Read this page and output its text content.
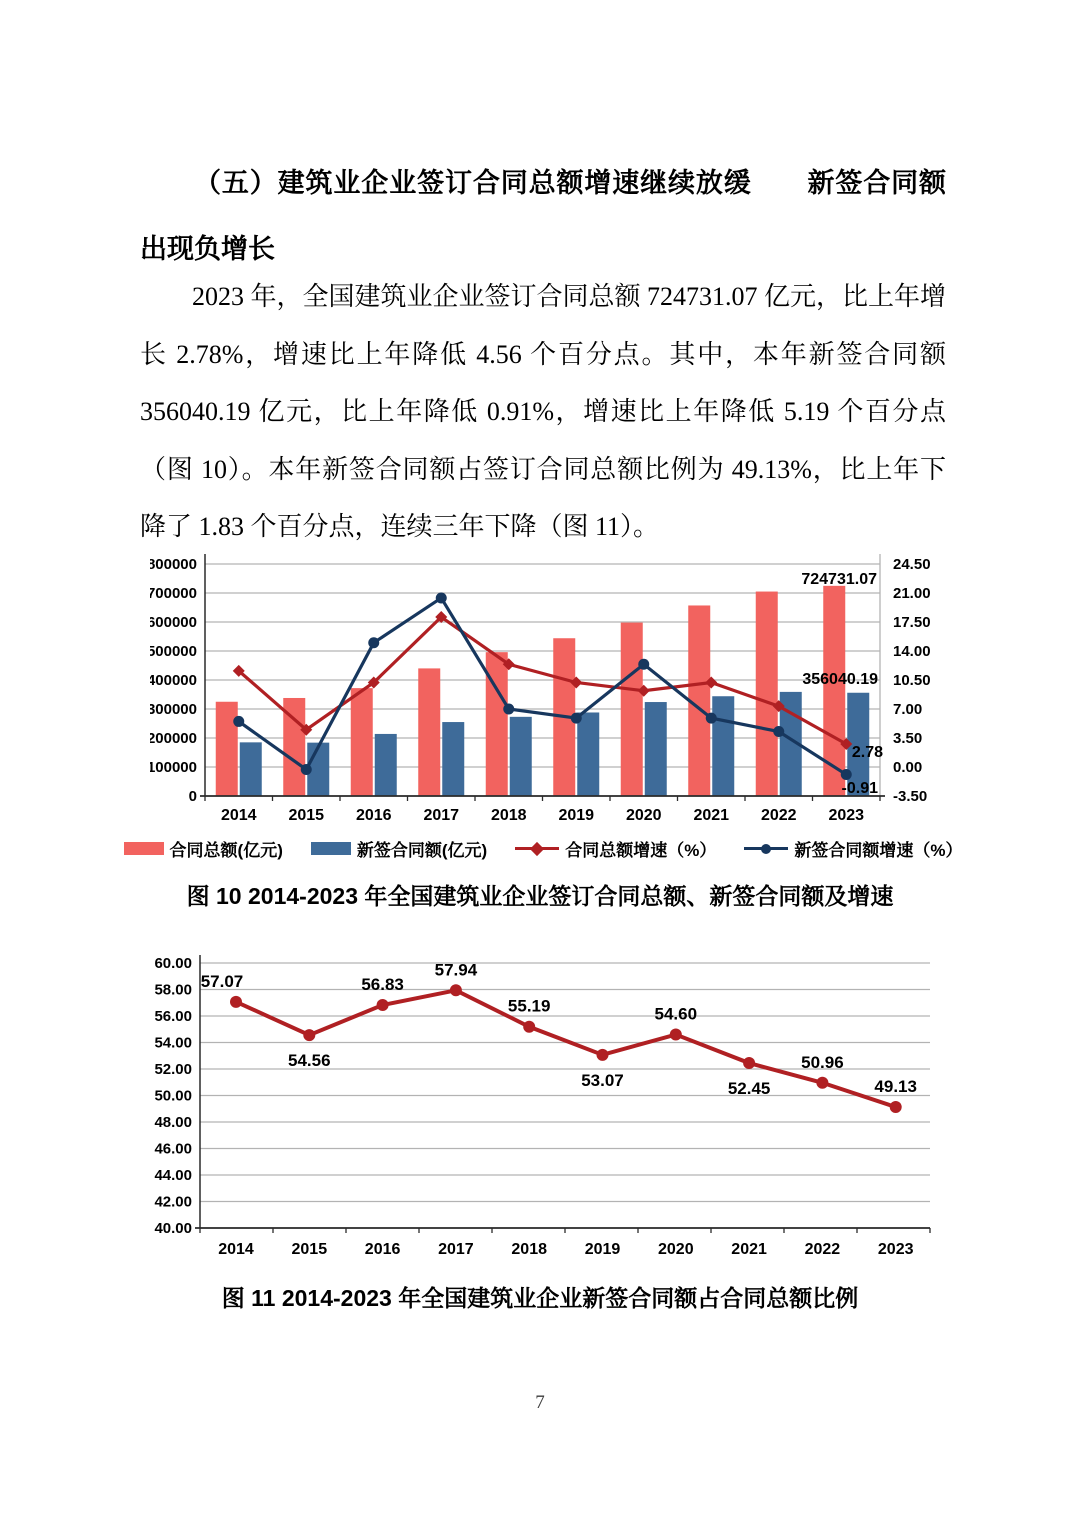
（五）建筑业企业签订合同总额增速继续放缓　　新签合同额出现负增长
2023 年，全国建筑业企业签订合同总额 724731.07 亿元，比上年增长 2.78%，增速比上年降低 4.56 个百分点。其中，本年新签合同额 356040.19 亿元，比上年降低 0.91%，增速比上年降低 5.19 个百分点（图 10）。本年新签合同额占签订合同总额比例为 49.13%，比上年下降了 1.83 个百分点，连续三年下降（图 11）。
800000	24.50
700000	21.00
600000	17.50
500000	14.00
400000	10.50
300000	7.00
200000	3.50
100000	0.00
0	-3.50
2014 2015 2016 2017 2018 2019 2020 2021 2022 2023
724731.07
356040.19
2.78
-0.91
合同总额(亿元)	新签合同额(亿元)	合同总额增速（%）	新签合同额增速（%）
图 10 2014-2023 年全国建筑业企业签订合同总额、新签合同额及增速
60.00
58.00
56.00
54.00
52.00
50.00
48.00
46.00
44.00
42.00
40.00
2014 2015 2016 2017 2018 2019 2020 2021 2022 2023
57.07
54.56
56.83
57.94
55.19
53.07
54.60
52.45
50.96
49.13
图 11 2014-2023 年全国建筑业企业新签合同额占合同总额比例
7
